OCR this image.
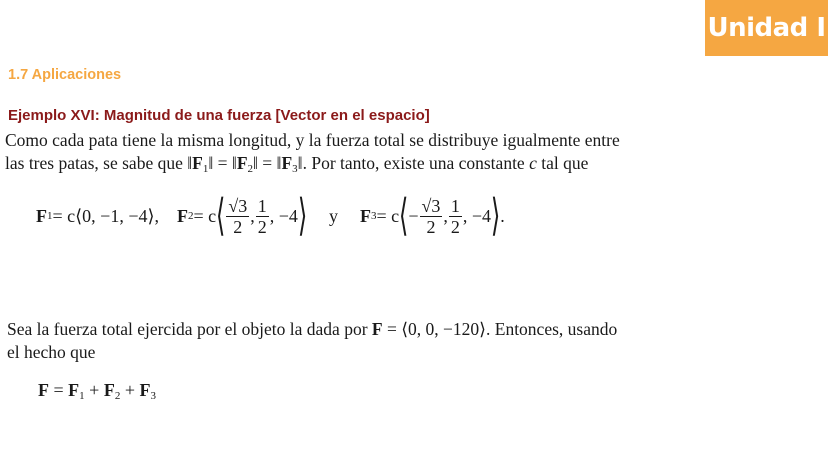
Unidad I
1.7 Aplicaciones
Ejemplo XVI: Magnitud de una fuerza [Vector en el espacio]
Como cada pata tiene la misma longitud, y la fuerza total se distribuye igualmente entre
las tres patas, se sabe que $‖F_1‖$ = $‖F_2‖$ = $‖F_3‖$. Por tanto, existe una constante c tal que
F 1 = c⟨0, −1, −4⟩, F 2 = c ⟨ $\frac{√3}{2}$ , $\frac{1}{2}$ , −4 ⟩ y F 3 = c ⟨ − $\frac{√3}{2}$ , $\frac{1}{2}$ , −4 ⟩ .
Sea la fuerza total ejercida por el objeto la dada por F = ⟨0, 0, −120⟩. Entonces, usando
el hecho que
$F = F_1 + F_2 + F_3$
